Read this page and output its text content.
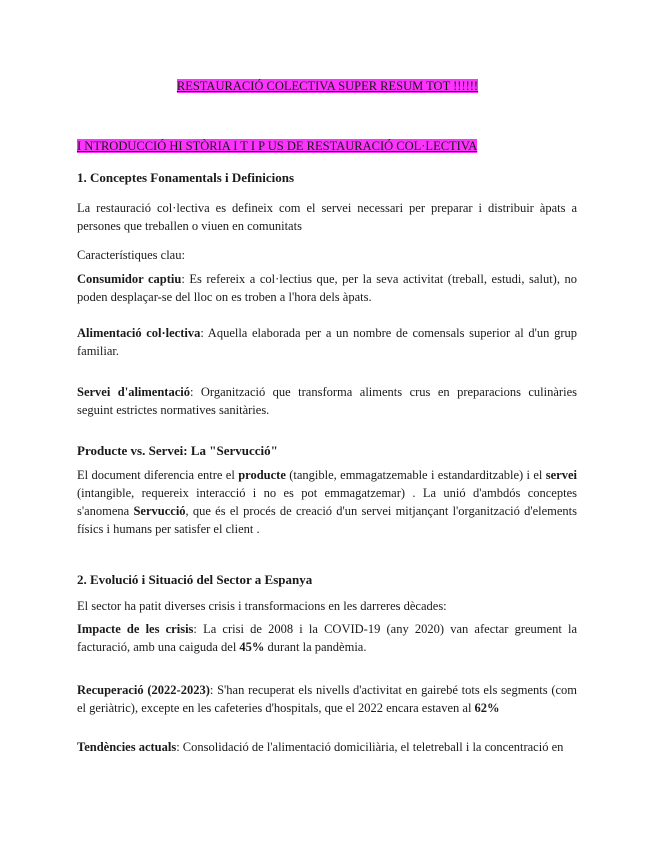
RESTAURACIÓ COLECTIVA SUPER RESUM TOT !!!!!!
I NTRODUCCIÓ HI STÒRIA I T I P US DE RESTAURACIÓ COL·LECTIVA
1. Conceptes Fonamentals i Definicions
La restauració col·lectiva es defineix com el servei necessari per preparar i distribuir àpats a persones que treballen o viuen en comunitats
Característiques clau:
Consumidor captiu: Es refereix a col·lectius que, per la seva activitat (treball, estudi, salut), no poden desplaçar-se del lloc on es troben a l'hora dels àpats.
Alimentació col·lectiva: Aquella elaborada per a un nombre de comensals superior al d'un grup familiar.
Servei d'alimentació: Organització que transforma aliments crus en preparacions culinàries seguint estrictes normatives sanitàries.
Producte vs. Servei: La "Servucció"
El document diferencia entre el producte (tangible, emmagatzemable i estandarditzable) i el servei (intangible, requereix interacció i no es pot emmagatzemar) . La unió d'ambdós conceptes s'anomena Servucció, que és el procés de creació d'un servei mitjançant l'organització d'elements físics i humans per satisfer el client .
2. Evolució i Situació del Sector a Espanya
El sector ha patit diverses crisis i transformacions en les darreres dècades:
Impacte de les crisis: La crisi de 2008 i la COVID-19 (any 2020) van afectar greument la facturació, amb una caiguda del 45% durant la pandèmia.
Recuperació (2022-2023): S'han recuperat els nivells d'activitat en gairebé tots els segments (com el geriàtric), excepte en les cafeteries d'hospitals, que el 2022 encara estaven al 62%
Tendències actuals: Consolidació de l'alimentació domiciliària, el teletreball i la concentració en
